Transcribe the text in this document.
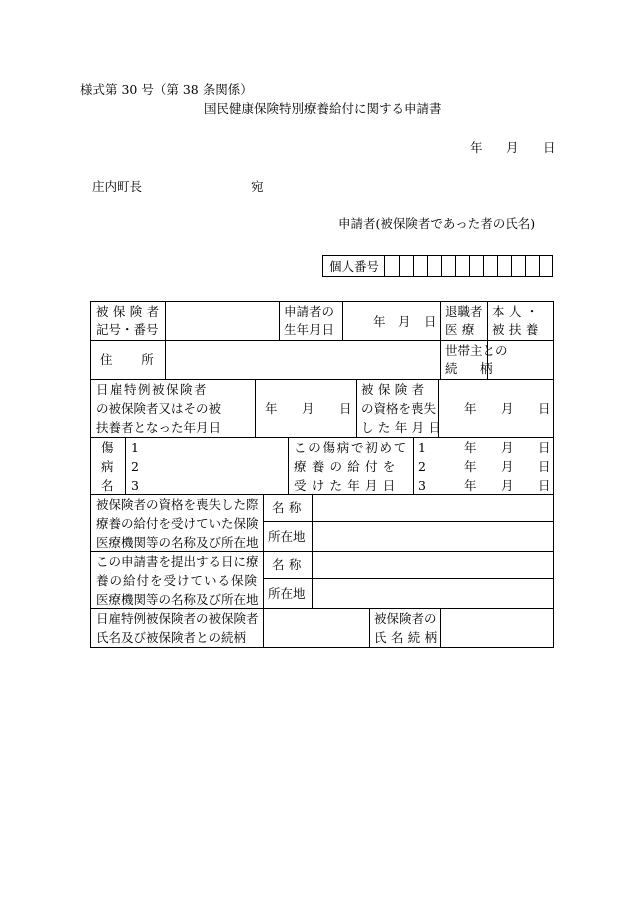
様式第 30 号（第 38 条関係）
国民健康保険特別療養給付に関する申請書
年 月 日
庄内町長	宛
申請者(被保険者であった者の氏名)
個人番号
被保険者
記号・番号
申請者の
生年月日
年 月 日
退職者
医療
本人・
被扶養
住所
世帯主との
続柄
日雇特例被保険者
の被保険者又はその被
扶養者となった年月日
年 月 日
被保険者
の資格を喪失
した年月日
年 月 日
傷
病
名
1
2
3
この傷病で初めて
療養の給付を
受けた年月日
1
2
3
年 月 日
年 月 日
年 月 日
被保険者の資格を喪失した際
療養の給付を受けていた保険
医療機関等の名称及び所在地
名称
所在地
この申請書を提出する日に療
養の給付を受けている保険
医療機関等の名称及び所在地
名称
所在地
日雇特例被保険者の被保険者
氏名及び被保険者との続柄
被保険者の
氏名続柄
